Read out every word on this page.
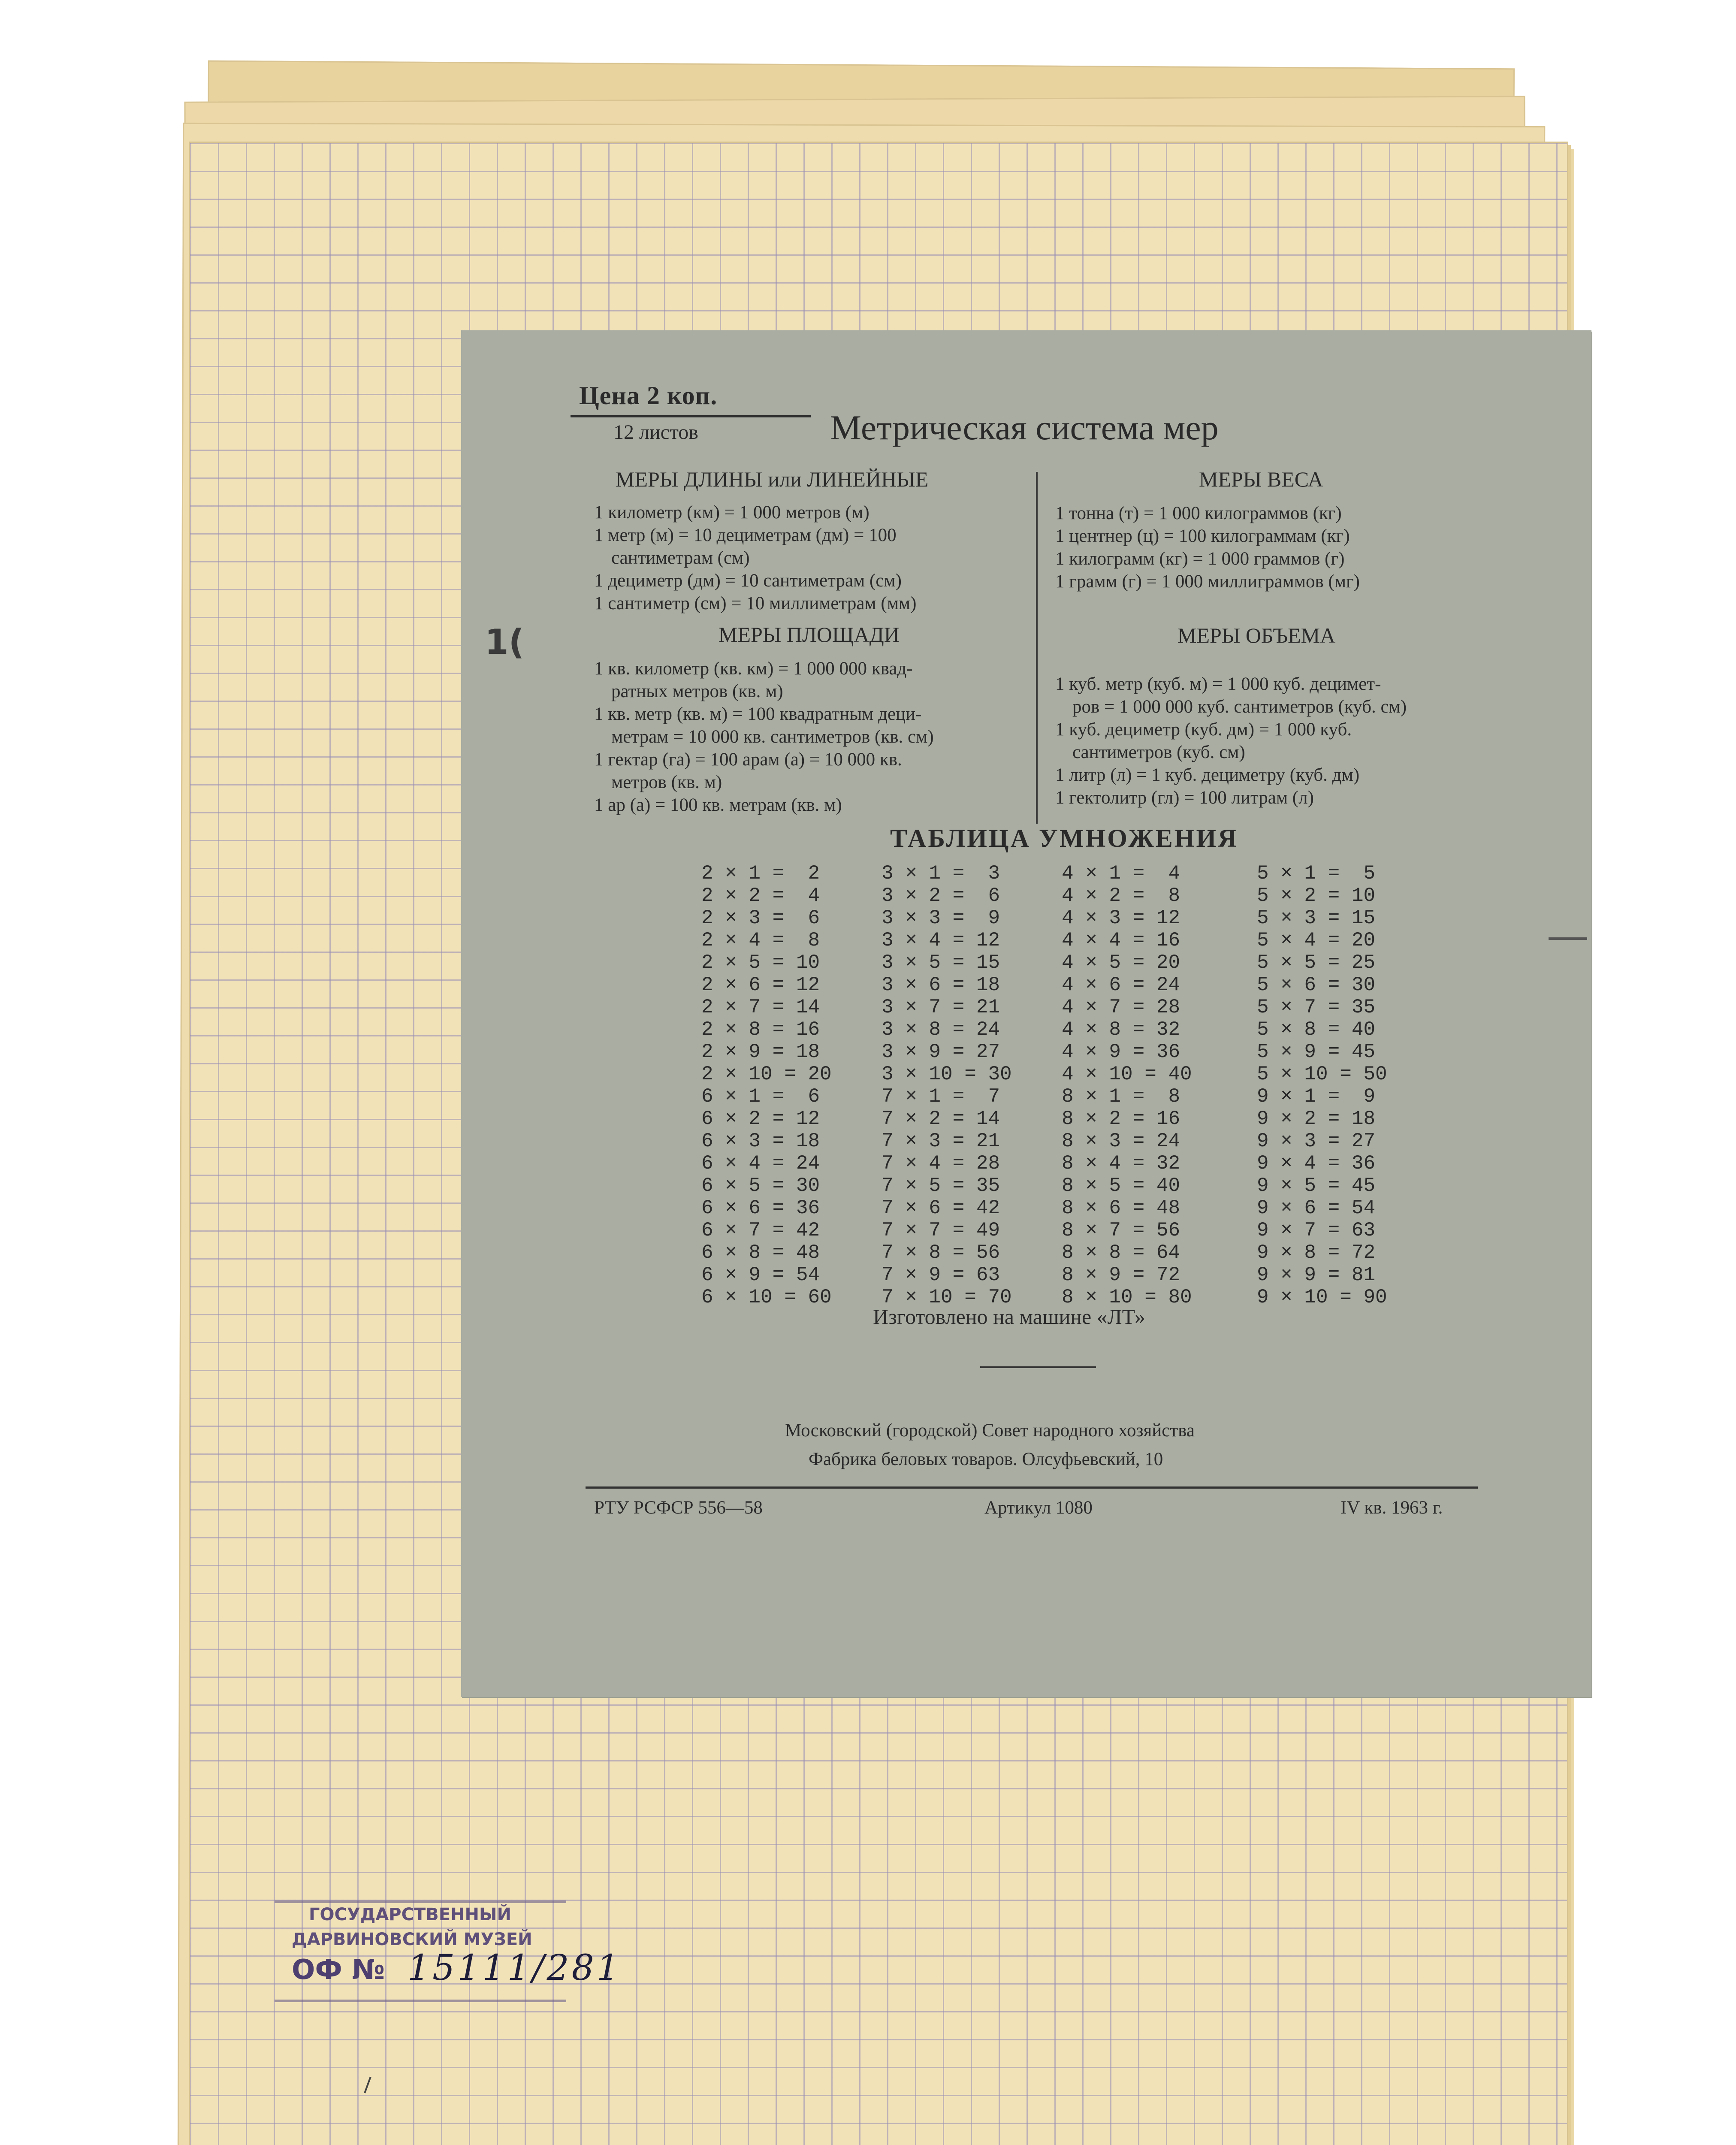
Цена 2 коп.
12 листов	Метрическая система мер
МЕРЫ ДЛИНЫ или ЛИНЕЙНЫЕ
1 километр (км) = 1 000 метров (м)
1 метр (м) = 10 дециметрам (дм) = 100
сантиметрам (см)
1 дециметр (дм) = 10 сантиметрам (см)
1 сантиметр (см) = 10 миллиметрам (мм)
МЕРЫ ВЕСА
1 тонна (т) = 1 000 килограммов (кг)
1 центнер (ц) = 100 килограммам (кг)
1 килограмм (кг) = 1 000 граммов (г)
1 грамм (г) = 1 000 миллиграммов (мг)
МЕРЫ ПЛОЩАДИ
1 кв. километр (кв. км) = 1 000 000 квад-
ратных метров (кв. м)
1 кв. метр (кв. м) = 100 квадратным деци-
метрам = 10 000 кв. сантиметров (кв. см)
1 гектар (га) = 100 арам (а) = 10 000 кв.
метров (кв. м)
1 ар (а) = 100 кв. метрам (кв. м)
МЕРЫ ОБЪЕМА
1 куб. метр (куб. м) = 1 000 куб. децимет-
ров = 1 000 000 куб. сантиметров (куб. см)
1 куб. дециметр (куб. дм) = 1 000 куб.
сантиметров (куб. см)
1 литр (л) = 1 куб. дециметру (куб. дм)
1 гектолитр (гл) = 100 литрам (л)
ТАБЛИЦА УМНОЖЕНИЯ
2 × 1 =  2
2 × 2 =  4
2 × 3 =  6
2 × 4 =  8
2 × 5 = 10
2 × 6 = 12
2 × 7 = 14
2 × 8 = 16
2 × 9 = 18
2 × 10 = 20
3 × 1 =  3
3 × 2 =  6
3 × 3 =  9
3 × 4 = 12
3 × 5 = 15
3 × 6 = 18
3 × 7 = 21
3 × 8 = 24
3 × 9 = 27
3 × 10 = 30
4 × 1 =  4
4 × 2 =  8
4 × 3 = 12
4 × 4 = 16
4 × 5 = 20
4 × 6 = 24
4 × 7 = 28
4 × 8 = 32
4 × 9 = 36
4 × 10 = 40
5 × 1 =  5
5 × 2 = 10
5 × 3 = 15
5 × 4 = 20
5 × 5 = 25
5 × 6 = 30
5 × 7 = 35
5 × 8 = 40
5 × 9 = 45
5 × 10 = 50
6 × 1 =  6
6 × 2 = 12
6 × 3 = 18
6 × 4 = 24
6 × 5 = 30
6 × 6 = 36
6 × 7 = 42
6 × 8 = 48
6 × 9 = 54
6 × 10 = 60
7 × 1 =  7
7 × 2 = 14
7 × 3 = 21
7 × 4 = 28
7 × 5 = 35
7 × 6 = 42
7 × 7 = 49
7 × 8 = 56
7 × 9 = 63
7 × 10 = 70
8 × 1 =  8
8 × 2 = 16
8 × 3 = 24
8 × 4 = 32
8 × 5 = 40
8 × 6 = 48
8 × 7 = 56
8 × 8 = 64
8 × 9 = 72
8 × 10 = 80
9 × 1 =  9
9 × 2 = 18
9 × 3 = 27
9 × 4 = 36
9 × 5 = 45
9 × 6 = 54
9 × 7 = 63
9 × 8 = 72
9 × 9 = 81
9 × 10 = 90
Изготовлено на машине «ЛТ»
Московский (городской) Совет народного хозяйства
Фабрика беловых товаров. Олсуфьевский, 10
РТУ РСФСР 556—58	Артикул 1080	IV кв. 1963 г.
1(
ГОСУДАРСТВЕННЫЙ
ДАРВИНОВСКИЙ МУЗЕЙ
ОФ № 15111/281
